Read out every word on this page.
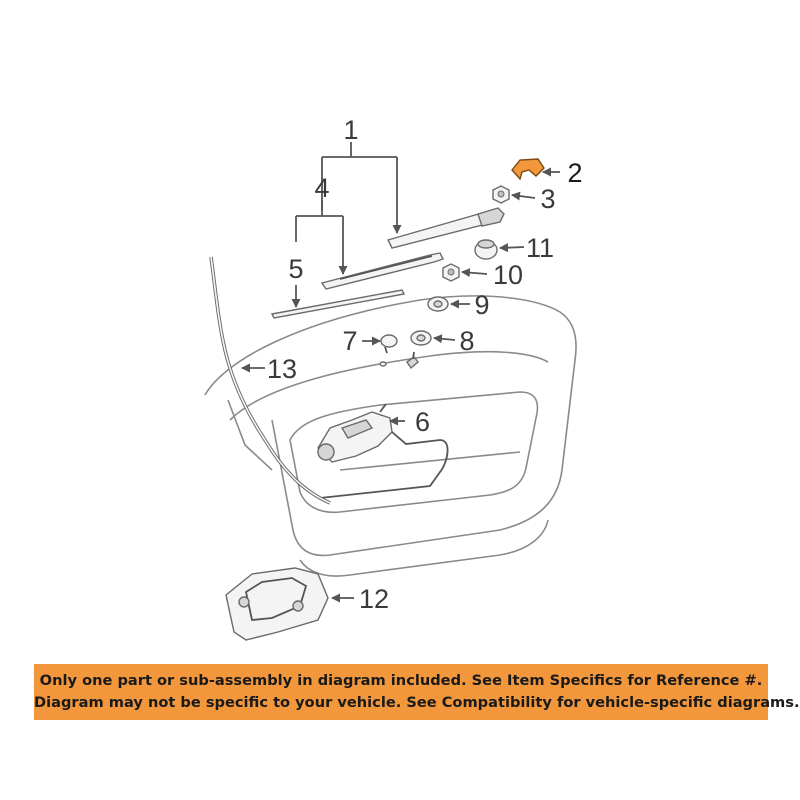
1
2
3
4
5
6
7	8
9
10
11
12
13
Only one part or sub-assembly in diagram included. See Item Specifics for Reference #.
Diagram may not be specific to your vehicle. See Compatibility for vehicle-specific diagrams.
